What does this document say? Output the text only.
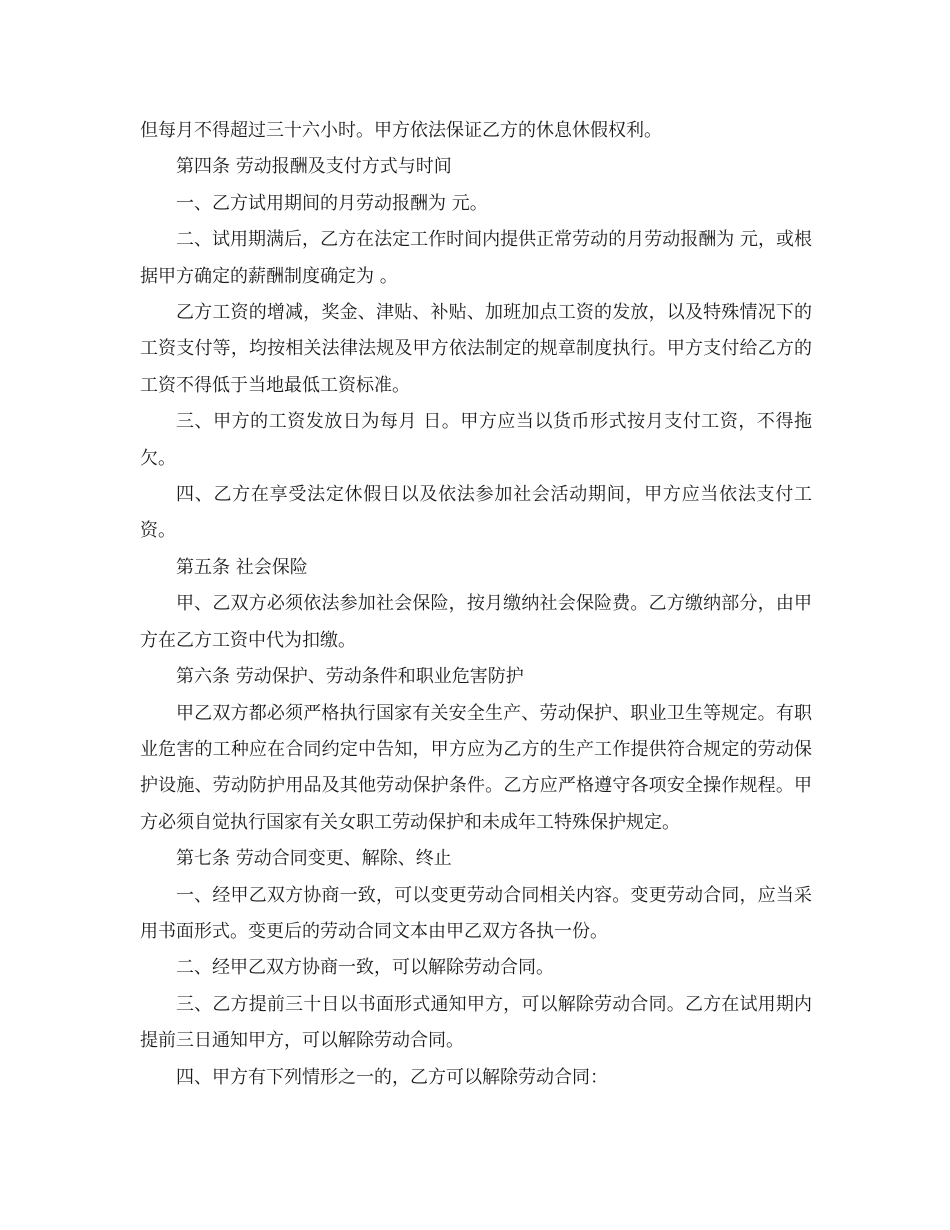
但每月不得超过三十六小时。甲方依法保证乙方的休息休假权利。

第四条 劳动报酬及支付方式与时间

一、乙方试用期间的月劳动报酬为 元。

二、试用期满后，乙方在法定工作时间内提供正常劳动的月劳动报酬为 元，或根据甲方确定的薪酬制度确定为 。

乙方工资的增减，奖金、津贴、补贴、加班加点工资的发放，以及特殊情况下的工资支付等，均按相关法律法规及甲方依法制定的规章制度执行。甲方支付给乙方的工资不得低于当地最低工资标准。

三、甲方的工资发放日为每月 日。甲方应当以货币形式按月支付工资，不得拖欠。

四、乙方在享受法定休假日以及依法参加社会活动期间，甲方应当依法支付工资。

第五条 社会保险

甲、乙双方必须依法参加社会保险，按月缴纳社会保险费。乙方缴纳部分，由甲方在乙方工资中代为扣缴。

第六条 劳动保护、劳动条件和职业危害防护

甲乙双方都必须严格执行国家有关安全生产、劳动保护、职业卫生等规定。有职业危害的工种应在合同约定中告知，甲方应为乙方的生产工作提供符合规定的劳动保护设施、劳动防护用品及其他劳动保护条件。乙方应严格遵守各项安全操作规程。甲方必须自觉执行国家有关女职工劳动保护和未成年工特殊保护规定。

第七条 劳动合同变更、解除、终止

一、经甲乙双方协商一致，可以变更劳动合同相关内容。变更劳动合同，应当采用书面形式。变更后的劳动合同文本由甲乙双方各执一份。

二、经甲乙双方协商一致，可以解除劳动合同。

三、乙方提前三十日以书面形式通知甲方，可以解除劳动合同。乙方在试用期内提前三日通知甲方，可以解除劳动合同。

四、甲方有下列情形之一的，乙方可以解除劳动合同：
